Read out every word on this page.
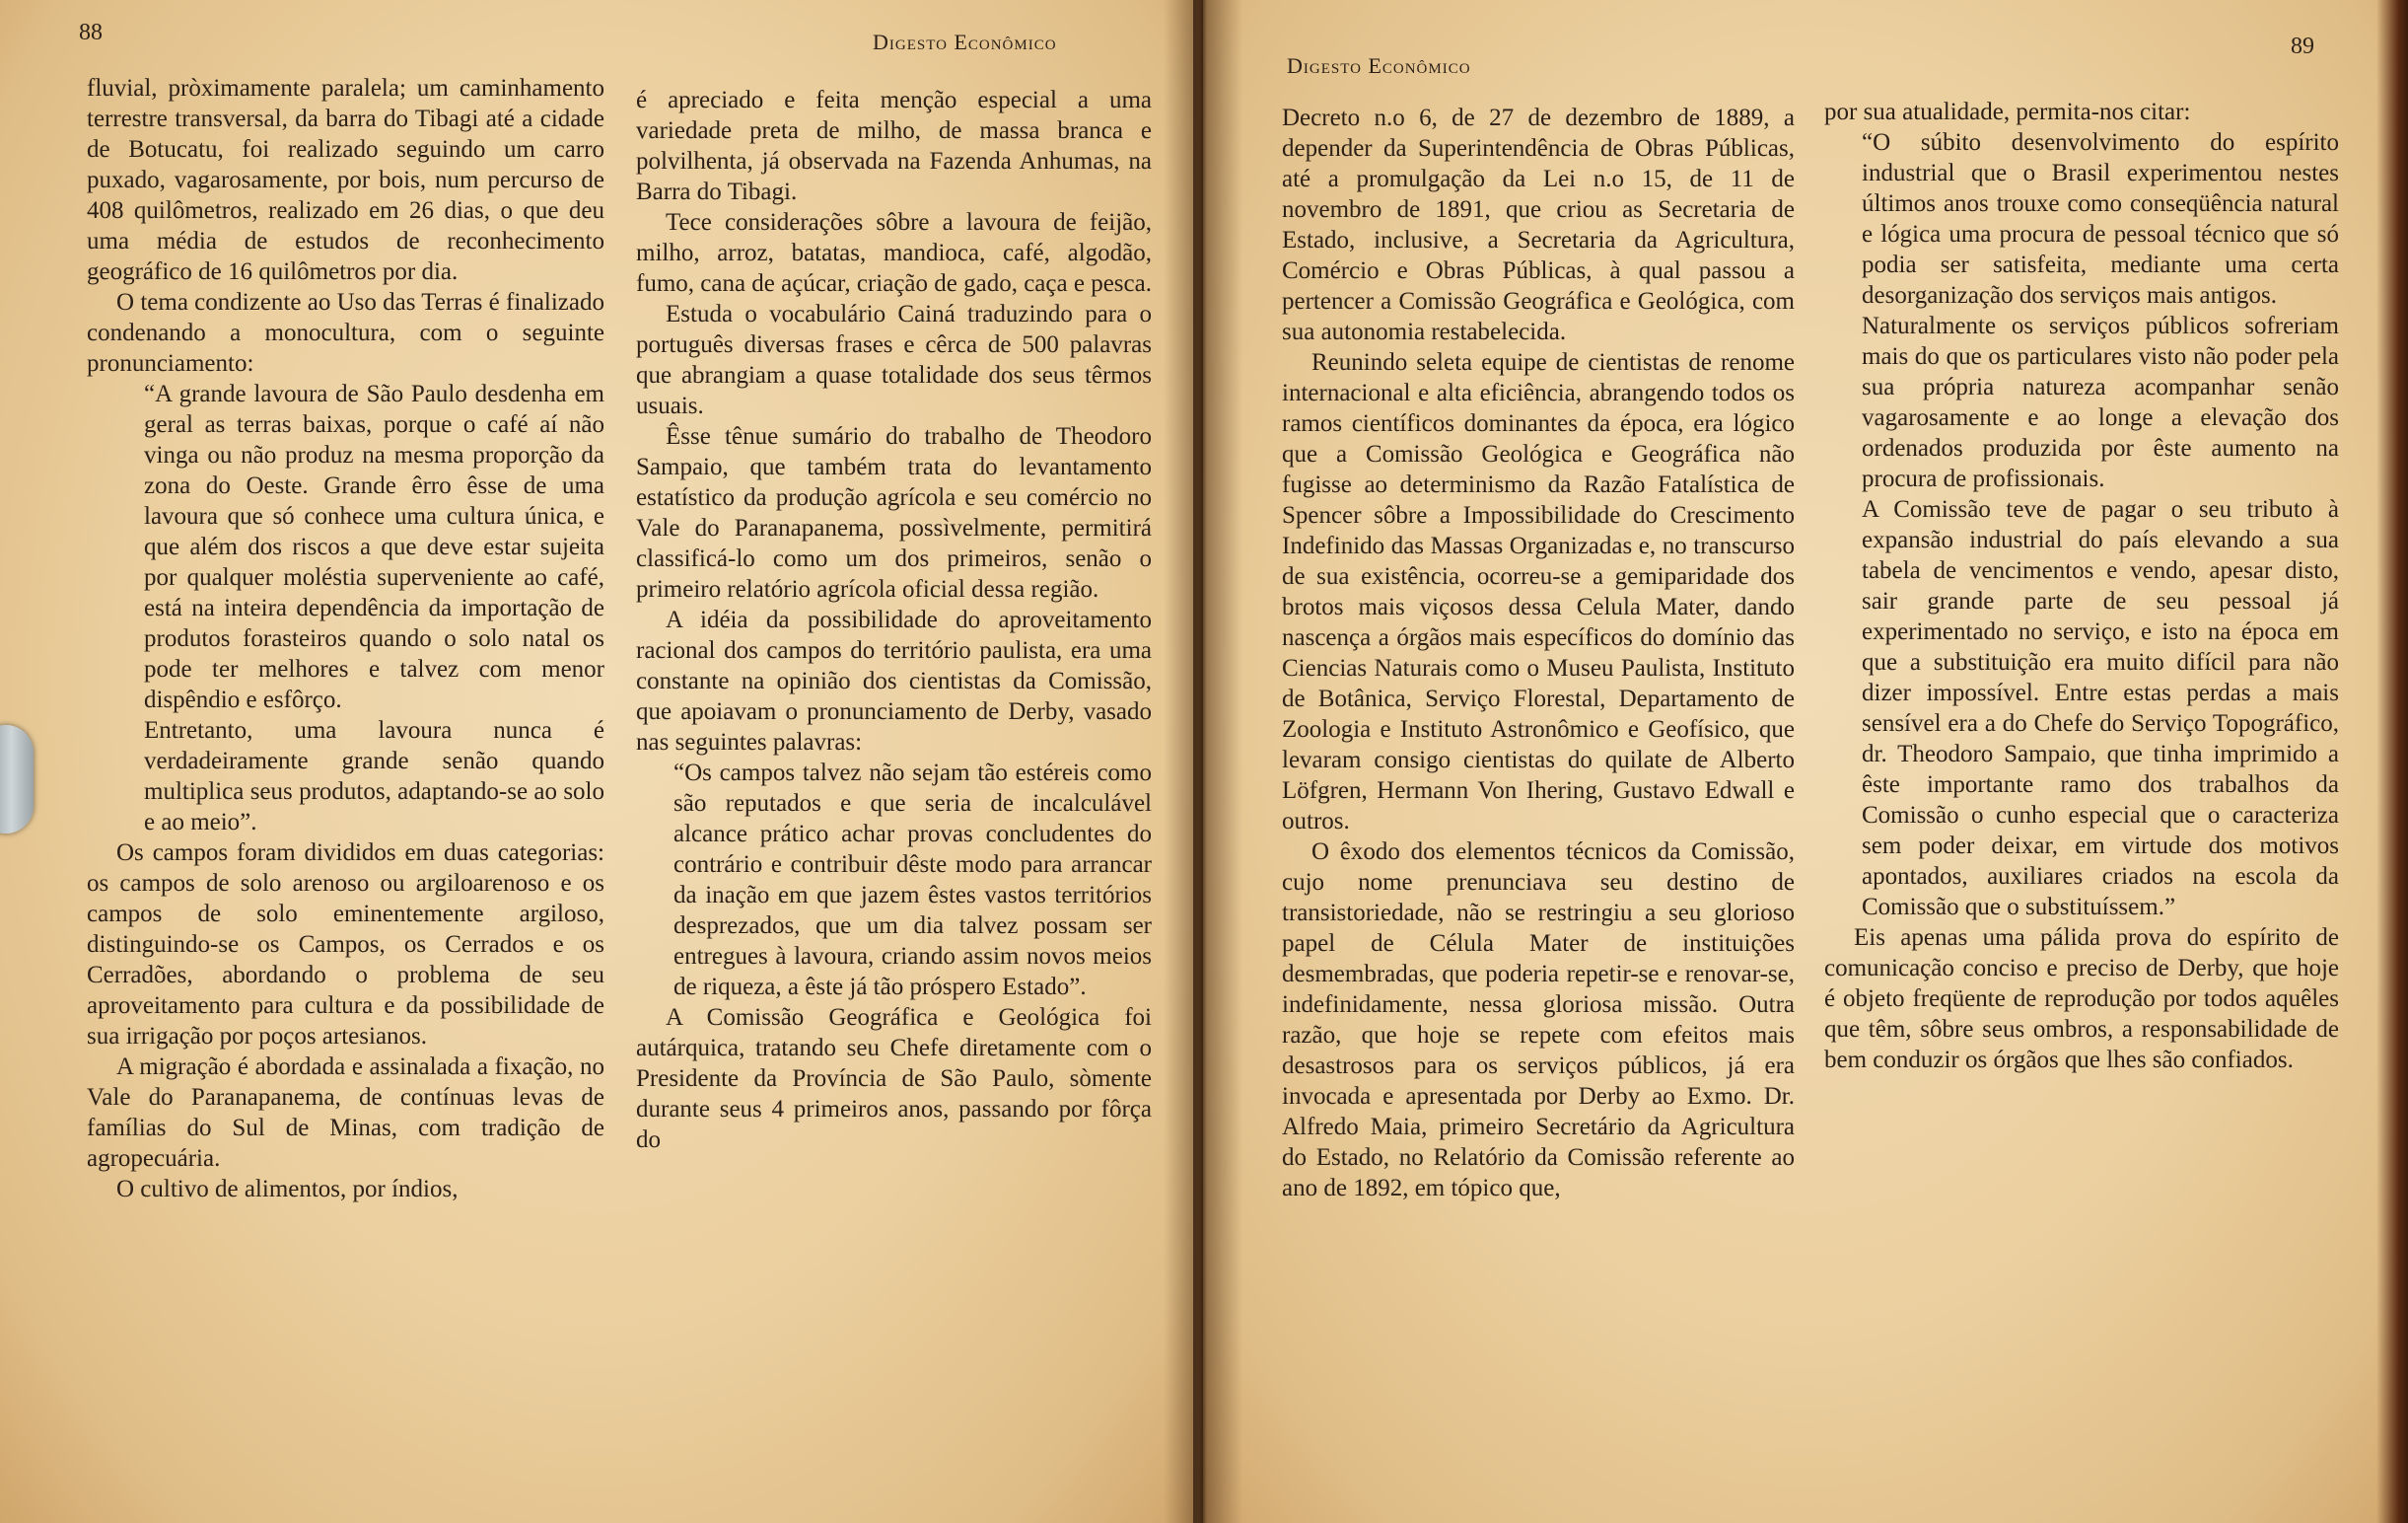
88	Digesto Econômico

fluvial, pròximamente paralela; um caminhamento terrestre transversal, da barra do Tibagi até a cidade de Botucatu, foi realizado seguindo um carro puxado, vagarosamente, por bois, num percurso de 408 quilômetros, realizado em 26 dias, o que deu uma média de estudos de reconhecimento geográfico de 16 quilômetros por dia.

O tema condizente ao Uso das Terras é finalizado condenando a monocultura, com o seguinte pronunciamento:

“A grande lavoura de São Paulo desdenha em geral as terras baixas, porque o café aí não vinga ou não produz na mesma proporção da zona do Oeste. Grande êrro êsse de uma lavoura que só conhece uma cultura única, e que além dos riscos a que deve estar sujeita por qualquer moléstia superveniente ao café, está na inteira dependência da importação de produtos forasteiros quando o solo natal os pode ter melhores e talvez com menor dispêndio e esfôrço.

Entretanto, uma lavoura nunca é verdadeiramente grande senão quando multiplica seus produtos, adaptando-se ao solo e ao meio”.

Os campos foram divididos em duas categorias: os campos de solo arenoso ou argiloarenoso e os campos de solo eminentemente argiloso, distinguindo-se os Campos, os Cerrados e os Cerradões, abordando o problema de seu aproveitamento para cultura e da possibilidade de sua irrigação por poços artesianos.

A migração é abordada e assinalada a fixação, no Vale do Paranapanema, de contínuas levas de famílias do Sul de Minas, com tradição de agropecuária.

O cultivo de alimentos, por índios,

é apreciado e feita menção especial a uma variedade preta de milho, de massa branca e polvilhenta, já observada na Fazenda Anhumas, na Barra do Tibagi.

Tece considerações sôbre a lavoura de feijão, milho, arroz, batatas, mandioca, café, algodão, fumo, cana de açúcar, criação de gado, caça e pesca.

Estuda o vocabulário Cainá traduzindo para o português diversas frases e cêrca de 500 palavras que abrangiam a quase totalidade dos seus têrmos usuais.

Êsse tênue sumário do trabalho de Theodoro Sampaio, que também trata do levantamento estatístico da produção agrícola e seu comércio no Vale do Paranapanema, possìvelmente, permitirá classificá-lo como um dos primeiros, senão o primeiro relatório agrícola oficial dessa região.

A idéia da possibilidade do aproveitamento racional dos campos do território paulista, era uma constante na opinião dos cientistas da Comissão, que apoiavam o pronunciamento de Derby, vasado nas seguintes palavras:

“Os campos talvez não sejam tão estéreis como são reputados e que seria de incalculável alcance prático achar provas concludentes do contrário e contribuir dêste modo para arrancar da inação em que jazem êstes vastos territórios desprezados, que um dia talvez possam ser entregues à lavoura, criando assim novos meios de riqueza, a êste já tão próspero Estado”.

A Comissão Geográfica e Geológica foi autárquica, tratando seu Chefe diretamente com o Presidente da Província de São Paulo, sòmente durante seus 4 primeiros anos, passando por fôrça do

89
Digesto Econômico

Decreto n.o 6, de 27 de dezembro de 1889, a depender da Superintendência de Obras Públicas, até a promulgação da Lei n.o 15, de 11 de novembro de 1891, que criou as Secretaria de Estado, inclusive, a Secretaria da Agricultura, Comércio e Obras Públicas, à qual passou a pertencer a Comissão Geográfica e Geológica, com sua autonomia restabelecida.

Reunindo seleta equipe de cientistas de renome internacional e alta eficiência, abrangendo todos os ramos científicos dominantes da época, era lógico que a Comissão Geológica e Geográfica não fugisse ao determinismo da Razão Fatalística de Spencer sôbre a Impossibilidade do Crescimento Indefinido das Massas Organizadas e, no transcurso de sua existência, ocorreu-se a gemiparidade dos brotos mais viçosos dessa Celula Mater, dando nascença a órgãos mais específicos do domínio das Ciencias Naturais como o Museu Paulista, Instituto de Botânica, Serviço Florestal, Departamento de Zoologia e Instituto Astronômico e Geofísico, que levaram consigo cientistas do quilate de Alberto Löfgren, Hermann Von Ihering, Gustavo Edwall e outros.

O êxodo dos elementos técnicos da Comissão, cujo nome prenunciava seu destino de transistoriedade, não se restringiu a seu glorioso papel de Célula Mater de instituições desmembradas, que poderia repetir-se e renovar-se, indefinidamente, nessa gloriosa missão. Outra razão, que hoje se repete com efeitos mais desastrosos para os serviços públicos, já era invocada e apresentada por Derby ao Exmo. Dr. Alfredo Maia, primeiro Secretário da Agricultura do Estado, no Relatório da Comissão referente ao ano de 1892, em tópico que,

por sua atualidade, permita-nos citar:

“O súbito desenvolvimento do espírito industrial que o Brasil experimentou nestes últimos anos trouxe como conseqüência natural e lógica uma procura de pessoal técnico que só podia ser satisfeita, mediante uma certa desorganização dos serviços mais antigos.

Naturalmente os serviços públicos sofreriam mais do que os particulares visto não poder pela sua própria natureza acompanhar senão vagarosamente e ao longe a elevação dos ordenados produzida por êste aumento na procura de profissionais.

A Comissão teve de pagar o seu tributo à expansão industrial do país elevando a sua tabela de vencimentos e vendo, apesar disto, sair grande parte de seu pessoal já experimentado no serviço, e isto na época em que a substituição era muito difícil para não dizer impossível. Entre estas perdas a mais sensível era a do Chefe do Serviço Topográfico, dr. Theodoro Sampaio, que tinha imprimido a êste importante ramo dos trabalhos da Comissão o cunho especial que o caracteriza sem poder deixar, em virtude dos motivos apontados, auxiliares criados na escola da Comissão que o substituíssem.”

Eis apenas uma pálida prova do espírito de comunicação conciso e preciso de Derby, que hoje é objeto freqüente de reprodução por todos aquêles que têm, sôbre seus ombros, a responsabilidade de bem conduzir os órgãos que lhes são confiados.
